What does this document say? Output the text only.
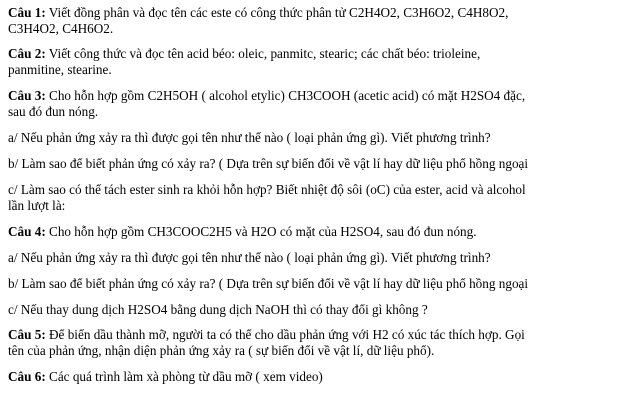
Câu 1: Viết đồng phân và đọc tên các este có công thức phân tử C2H4O2, C3H6O2, C4H8O2,
C3H4O2, C4H6O2.
Câu 2: Viết công thức và đọc tên acid béo: oleic, panmitc, stearic; các chất béo: trioleine,
panmitine, stearine.
Câu 3: Cho hỗn hợp gồm C2H5OH ( alcohol etylic) CH3COOH (acetic acid) có mặt H2SO4 đặc,
sau đó đun nóng.
a/ Nếu phản ứng xảy ra thì được gọi tên như thế nào ( loại phản ứng gì). Viết phương trình?
b/ Làm sao để biết phản ứng có xảy ra? ( Dựa trên sự biến đổi về vật lí hay dữ liệu phổ hồng ngoại
c/ Làm sao có thể tách ester sinh ra khỏi hỗn hợp? Biết nhiệt độ sôi (oC) của ester, acid và alcohol
lần lượt là:
Câu 4: Cho hỗn hợp gồm CH3COOC2H5 và H2O có mặt của H2SO4, sau đó đun nóng.
a/ Nếu phản ứng xảy ra thì được gọi tên như thế nào ( loại phản ứng gì). Viết phương trình?
b/ Làm sao để biết phản ứng có xảy ra? ( Dựa trên sự biến đổi về vật lí hay dữ liệu phổ hồng ngoại
c/ Nếu thay dung dịch H2SO4 bằng dung dịch NaOH thì có thay đổi gì không ?
Câu 5: Để biến dầu thành mỡ, người ta có thể cho dầu phản ứng với H2 có xúc tác thích hợp. Gọi
tên của phản ứng, nhận diện phản ứng xảy ra ( sự biến đổi về vật lí, dữ liệu phổ).
Câu 6: Các quá trình làm xà phòng từ dầu mỡ ( xem video)
